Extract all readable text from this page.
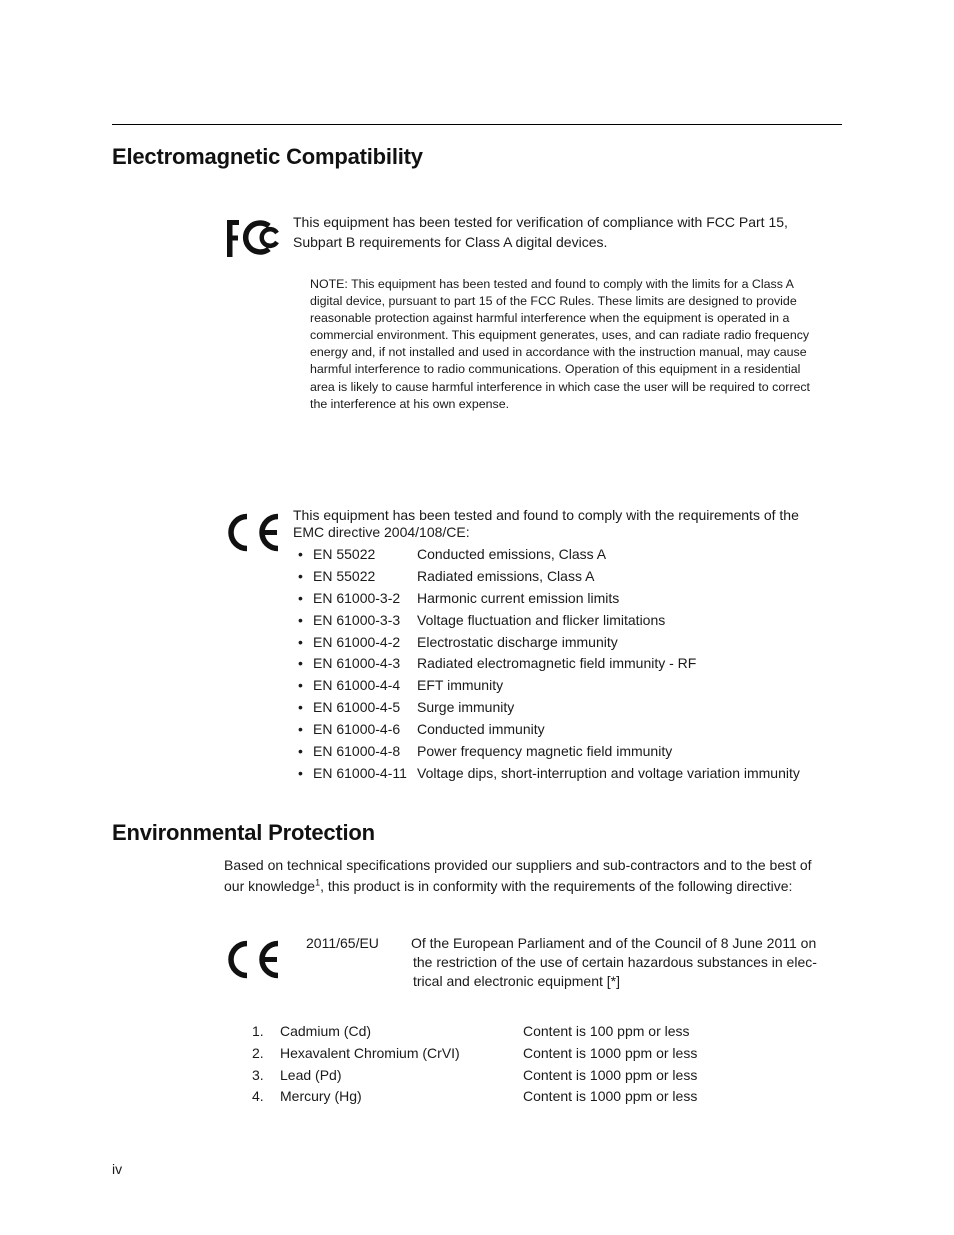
Electromagnetic Compatibility
This equipment has been tested for verification of compliance with FCC Part 15,
Subpart B requirements for Class A digital devices.
NOTE: This equipment has been tested and found to comply with the limits for a Class A
digital device, pursuant to part 15 of the FCC Rules. These limits are designed to provide
reasonable protection against harmful interference when the equipment is operated in a
commercial environment. This equipment generates, uses, and can radiate radio frequency
energy and, if not installed and used in accordance with the instruction manual, may cause
harmful interference to radio communications. Operation of this equipment in a residential
area is likely to cause harmful interference in which case the user will be required to correct
the interference at his own expense.
This equipment has been tested and found to comply with the requirements of the
EMC directive 2004/108/CE:
• EN 55022	Conducted emissions, Class A
• EN 55022	Radiated emissions, Class A
• EN 61000-3-2 Harmonic current emission limits
• EN 61000-3-3 Voltage fluctuation and flicker limitations
• EN 61000-4-2 Electrostatic discharge immunity
• EN 61000-4-3 Radiated electromagnetic field immunity - RF
• EN 61000-4-4 EFT immunity
• EN 61000-4-5 Surge immunity
• EN 61000-4-6 Conducted immunity
• EN 61000-4-8 Power frequency magnetic field immunity
• EN 61000-4-11 Voltage dips, short-interruption and voltage variation immunity
Environmental Protection
Based on technical specifications provided our suppliers and sub-contractors and to the best of
our knowledge$^1$, this product is in conformity with the requirements of the following directive:
2011/65/EU Of the European Parliament and of the Council of 8 June 2011 on
the restriction of the use of certain hazardous substances in elec-
trical and electronic equipment [*]
1. Cadmium (Cd)	Content is 100 ppm or less
2. Hexavalent Chromium (CrVI)	Content is 1000 ppm or less
3. Lead (Pd)	Content is 1000 ppm or less
4. Mercury (Hg)	Content is 1000 ppm or less
iv
